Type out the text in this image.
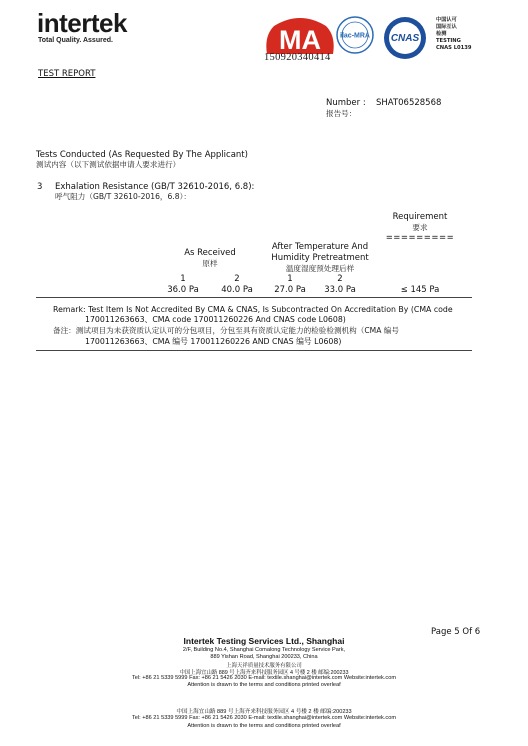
intertek
Total Quality. Assured.	MA
150920340414
ilac-MRA CNAS
中国认可
国际互认
检测
TESTING
CNAS L0139
TEST REPORT
Number : SHAT06528568
报告号：
Tests Conducted (As Requested By The Applicant)
测试内容（以下测试依据申请人要求进行）
3 Exhalation Resistance (GB/T 32610-2016, 6.8):
呼气阻力（GB/T 32610-2016，6.8）：
Requirement
要求
=========
After Temperature And
Humidity Pretreatment
温度湿度预处理后样
As Received
原样
1	2	1	2
36.0 Pa	40.0 Pa	27.0 Pa	33.0 Pa	≤ 145 Pa
Remark: Test Item Is Not Accredited By CMA & CNAS, Is Subcontracted On Accreditation By (CMA code
170011263663、CMA code 170011260226 And CNAS code L0608)
备注：测试项目为未获资质认定认可的分包项目，分包至具有资质认定能力的检验检测机构（CMA 编号
170011263663、CMA 编号 170011260226 AND CNAS 编号 L0608)
Page 5 Of 6
Intertek Testing Services Ltd., Shanghai
2/F, Building No.4, Shanghai Comalong Technology Service Park,
889 Yishan Road, Shanghai 200233, China
上海天祥质量技术服务有限公司
中国上海宜山路 889 号上海齐来科技服务园区 4 号楼 2 楼 邮编:200233
Tel: +86 21 5339 5999 Fax: +86 21 5426 2030 E-mail: textile.shanghai@intertek.com Website:intertek.com
Attention is drawn to the terms and conditions printed overleaf
中国上海宜山路 889 号上海齐来科技服务园区 4 号楼 2 楼 邮编:200233
Tel: +86 21 5339 5999 Fax: +86 21 5426 2030 E-mail: textile.shanghai@intertek.com Website:intertek.com
Attention is drawn to the terms and conditions printed overleaf
